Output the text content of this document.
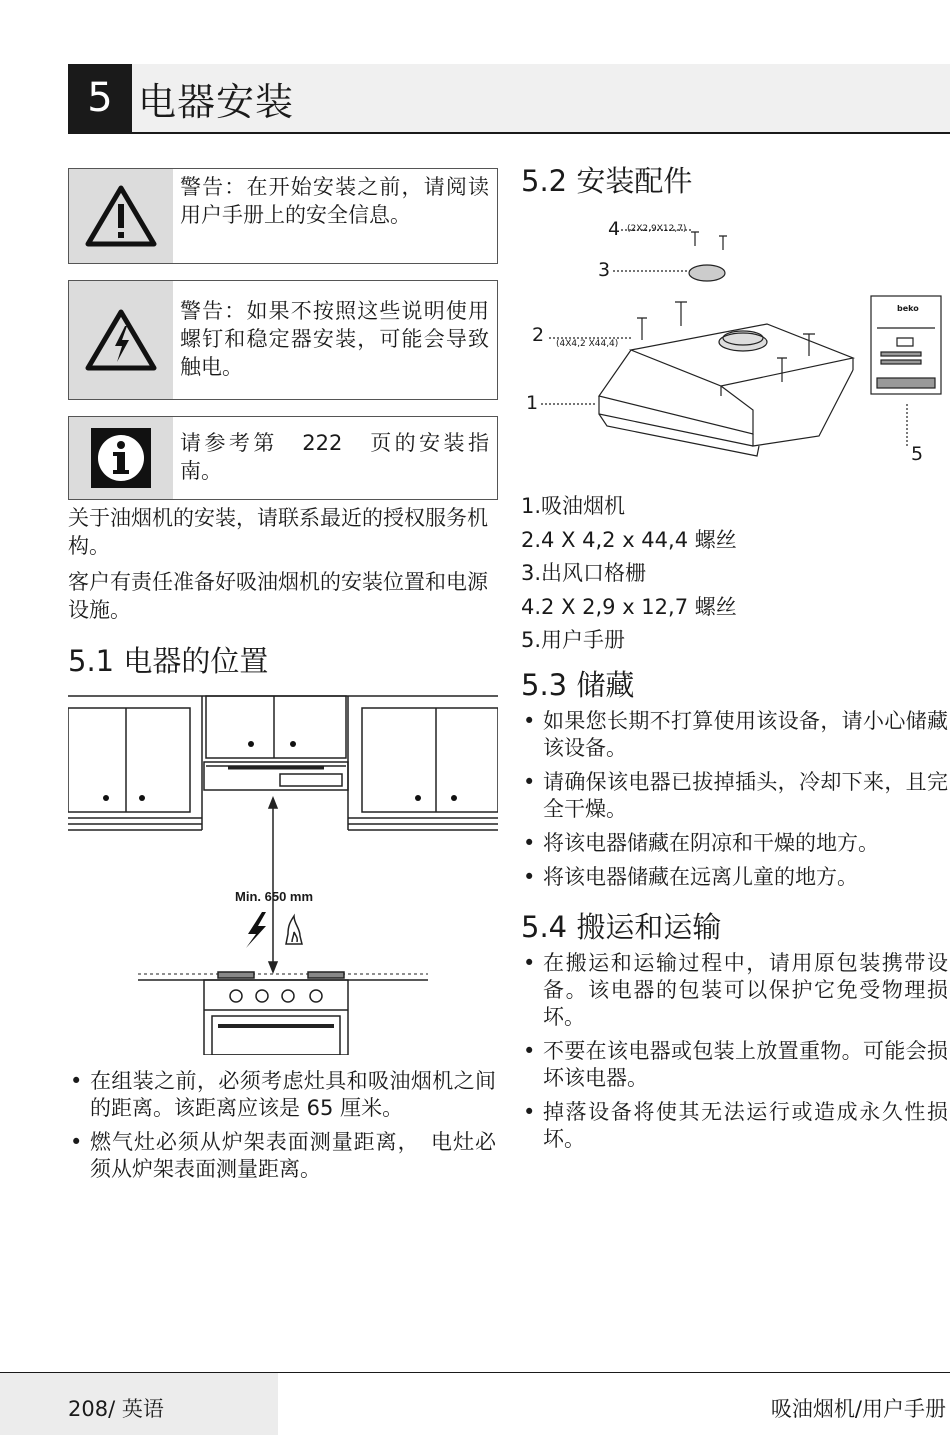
5 电器安装
警告：在开始安装之前，请阅读用户手册上的安全信息。
警告：如果不按照这些说明使用螺钉和稳定器安装，可能会导致触电。
请参考第　222　页的安装指南。
关于油烟机的安装，请联系最近的授权服务机构。
客户有责任准备好吸油烟机的安装位置和电源设施。
5.1 电器的位置
Min. 650 mm
• 在组装之前，必须考虑灶具和吸油烟机之间的距离。该距离应该是 65 厘米。
• 燃气灶必须从炉架表面测量距离，　电灶必须从炉架表面测量距离。
5.2 安装配件
4 (2X2,9X12,7)
3
2 (4X4,2 X44,4)
1
5
beko
1.吸油烟机
2.4 X 4,2 x 44,4 螺丝
3.出风口格栅
4.2 X 2,9 x 12,7 螺丝
5.用户手册
5.3 储藏
• 如果您长期不打算使用该设备，请小心储藏该设备。
• 请确保该电器已拔掉插头，冷却下来，且完全干燥。
• 将该电器储藏在阴凉和干燥的地方。
• 将该电器储藏在远离儿童的地方。
5.4 搬运和运输
• 在搬运和运输过程中，请用原包装携带设备。该电器的包装可以保护它免受物理损坏。
• 不要在该电器或包装上放置重物。可能会损坏该电器。
• 掉落设备将使其无法运行或造成永久性损坏。
208/ 英语	吸油烟机/用户手册
